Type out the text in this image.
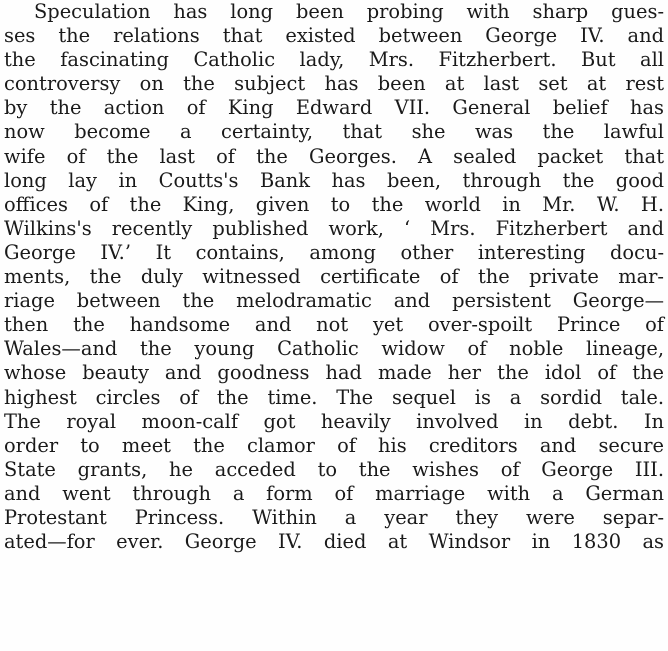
Speculation has long been probing with sharp gues-
ses the relations that existed between George IV. and
the fascinating Catholic lady, Mrs. Fitzherbert. But all
controversy on the subject has been at last set at rest
by the action of King Edward VII. General belief has
now become a certainty, that she was the lawful
wife of the last of the Georges. A sealed packet that
long lay in Coutts's Bank has been, through the good
offices of the King, given to the world in Mr. W. H.
Wilkins's recently published work, ‘ Mrs. Fitzherbert and
George IV.’ It contains, among other interesting docu-
ments, the duly witnessed certificate of the private mar-
riage between the melodramatic and persistent George—
then the handsome and not yet over-spoilt Prince of
Wales—and the young Catholic widow of noble lineage,
whose beauty and goodness had made her the idol of the
highest circles of the time. The sequel is a sordid tale.
The royal moon-calf got heavily involved in debt. In
order to meet the clamor of his creditors and secure
State grants, he acceded to the wishes of George III.
and went through a form of marriage with a German
Protestant Princess. Within a year they were separ-
ated—for ever. George IV. died at Windsor in 1830 as
